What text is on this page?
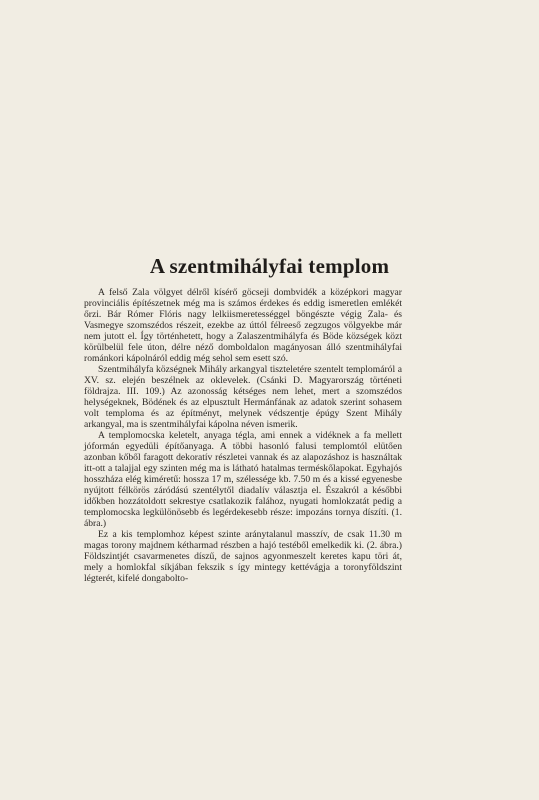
A szentmihályfai templom

A felső Zala völgyet délről kísérő göcseji dombvidék a középkori magyar provinciális építészetnek még ma is számos érdekes és eddig ismeretlen emlékét őrzi. Bár Rómer Flóris nagy lelkiismeretességgel böngészte végig Zala- és Vasmegye szomszédos részeit, ezekbe az úttól félreeső zegzugos völgyekbe már nem jutott el. Így történhetett, hogy a Zalaszentmihályfa és Böde községek közt körülbelül fele úton, délre néző domboldalon magányosan álló szentmihályfai románkori kápolnáról eddig még sehol sem esett szó.

Szentmihályfa községnek Mihály arkangyal tiszteletére szentelt templomáról a XV. sz. elején beszélnek az oklevelek. (Csánki D. Magyarország történeti földrajza. III. 109.) Az azonosság kétséges nem lehet, mert a szomszédos helységeknek, Bödének és az elpusztult Hermánfának az adatok szerint sohasem volt temploma és az építményt, melynek védszentje épúgy Szent Mihály arkangyal, ma is szentmihályfai kápolna néven ismerik.

A templomocska keletelt, anyaga tégla, ami ennek a vidéknek a fa mellett jóformán egyedüli építőanyaga. A többi hasonló falusi templomtól elütően azonban kőből faragott dekoratív részletei vannak és az alapozáshoz is használtak itt-ott a talajjal egy szinten még ma is látható hatalmas terméskőlapokat. Egyhajós hosszháza elég kiméretű: hossza 17 m, szélessége kb. 7.50 m és a kissé egyenesbe nyújtott félkörös záródású szentélytől diadalív választja el. Északról a későbbi időkben hozzátoldott sekrestye csatlakozik falához, nyugati homlokzatát pedig a templomocska legkülönösebb és legérdekesebb része: impozáns tornya díszíti. (1. ábra.)

Ez a kis templomhoz képest szinte aránytalanul masszív, de csak 11.30 m magas torony majdnem kétharmad részben a hajó testéből emelkedik ki. (2. ábra.) Földszintjét csavarmenetes díszű, de sajnos agyonmeszelt keretes kapu töri át, mely a homlokfal síkjában fekszik s így mintegy kettévágja a toronyföldszint légterét, kifelé dongabolto-
